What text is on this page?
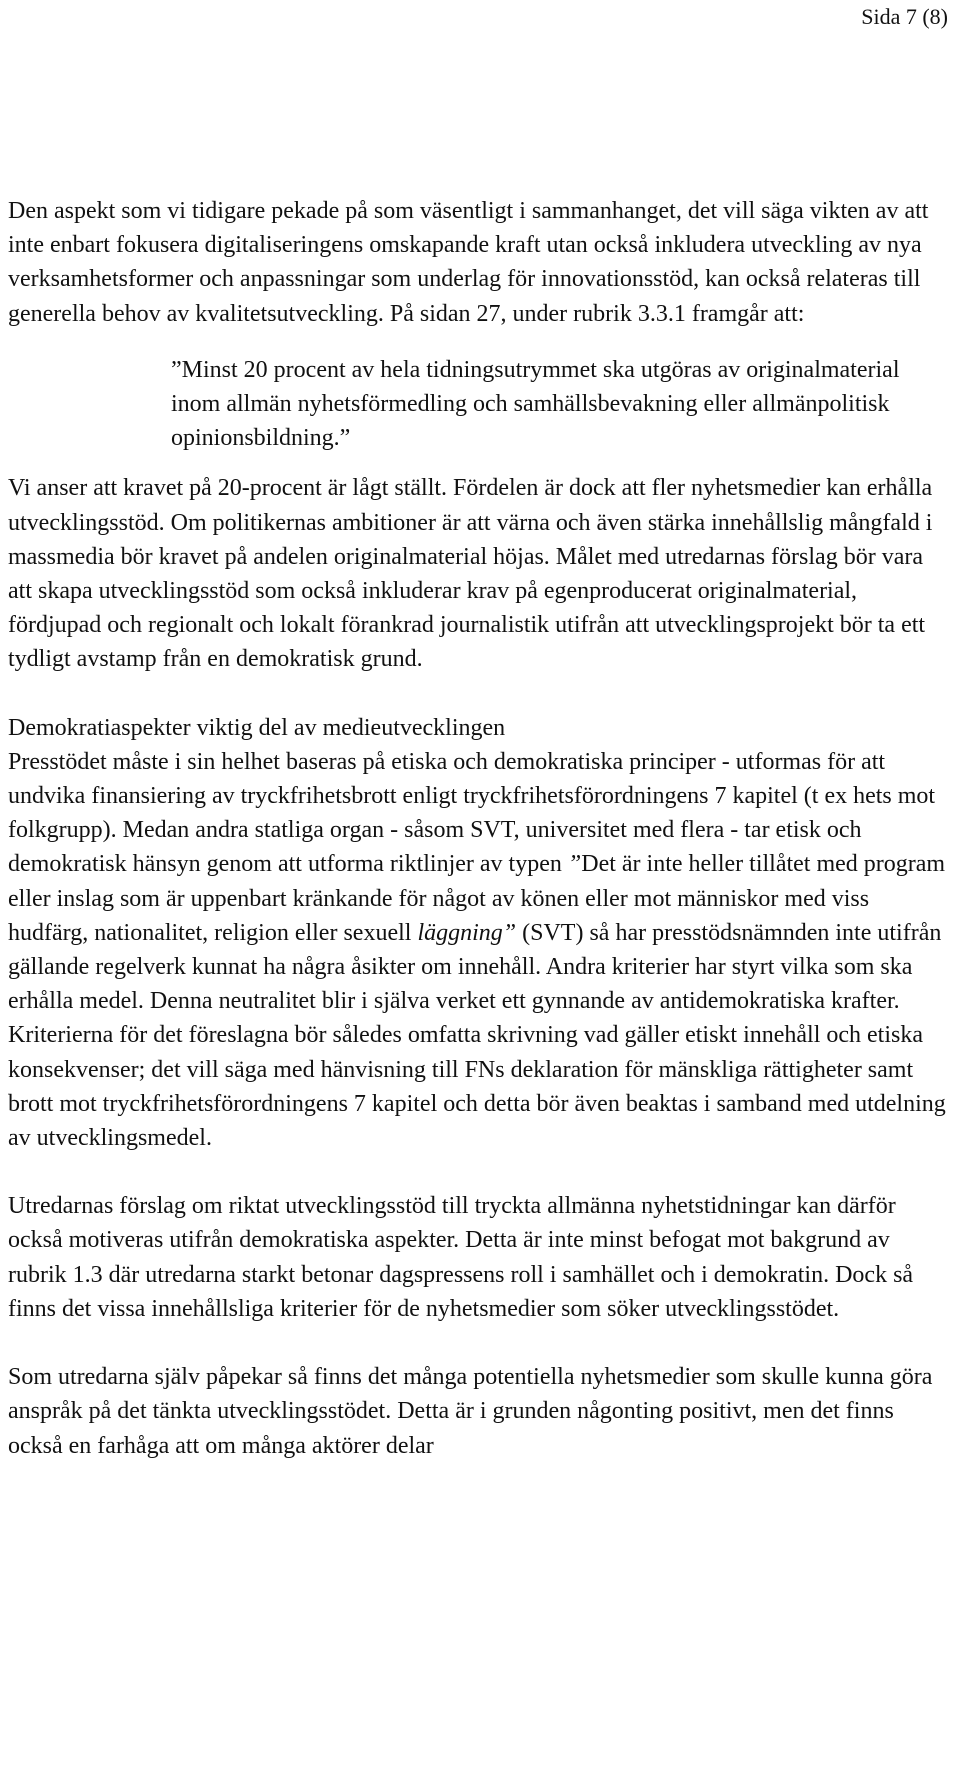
Sida 7 (8)

Den aspekt som vi tidigare pekade på som väsentligt i sammanhanget, det vill säga vikten av att inte enbart fokusera digitaliseringens omskapande kraft utan också inkludera utveckling av nya verksamhetsformer och anpassningar som underlag för innovationsstöd, kan också relateras till generella behov av kvalitetsutveckling. På sidan 27, under rubrik 3.3.1 framgår att:

”Minst 20 procent av hela tidningsutrymmet ska utgöras av originalmaterial inom allmän nyhetsförmedling och samhällsbevakning eller allmänpolitisk opinionsbildning.”

Vi anser att kravet på 20-procent är lågt ställt. Fördelen är dock att fler nyhetsmedier kan erhålla utvecklingsstöd. Om politikernas ambitioner är att värna och även stärka innehållslig mångfald i massmedia bör kravet på andelen originalmaterial höjas. Målet med utredarnas förslag bör vara att skapa utvecklingsstöd som också inkluderar krav på egenproducerat originalmaterial, fördjupad och regionalt och lokalt förankrad journalistik utifrån att utvecklingsprojekt bör ta ett tydligt avstamp från en demokratisk grund.

Demokratiaspekter viktig del av medieutvecklingen

Presstödet måste i sin helhet baseras på etiska och demokratiska principer - utformas för att undvika finansiering av tryckfrihetsbrott enligt tryckfrihetsförordningens 7 kapitel (t ex hets mot folkgrupp). Medan andra statliga organ - såsom SVT, universitet med flera - tar etisk och demokratisk hänsyn genom att utforma riktlinjer av typen ”Det är inte heller tillåtet med program eller inslag som är uppenbart kränkande för något av könen eller mot människor med viss hudfärg, nationalitet, religion eller sexuell läggning” (SVT) så har presstödsnämnden inte utifrån gällande regelverk kunnat ha några åsikter om innehåll. Andra kriterier har styrt vilka som ska erhålla medel. Denna neutralitet blir i själva verket ett gynnande av antidemokratiska krafter. Kriterierna för det föreslagna bör således omfatta skrivning vad gäller etiskt innehåll och etiska konsekvenser; det vill säga med hänvisning till FNs deklaration för mänskliga rättigheter samt brott mot tryckfrihetsförordningens 7 kapitel och detta bör även beaktas i samband med utdelning av utvecklingsmedel.

Utredarnas förslag om riktat utvecklingsstöd till tryckta allmänna nyhetstidningar kan därför också motiveras utifrån demokratiska aspekter. Detta är inte minst befogat mot bakgrund av rubrik 1.3 där utredarna starkt betonar dagspressens roll i samhället och i demokratin. Dock så finns det vissa innehållsliga kriterier för de nyhetsmedier som söker utvecklingsstödet.

Som utredarna själv påpekar så finns det många potentiella nyhetsmedier som skulle kunna göra anspråk på det tänkta utvecklingsstödet. Detta är i grunden någonting positivt, men det finns också en farhåga att om många aktörer delar
